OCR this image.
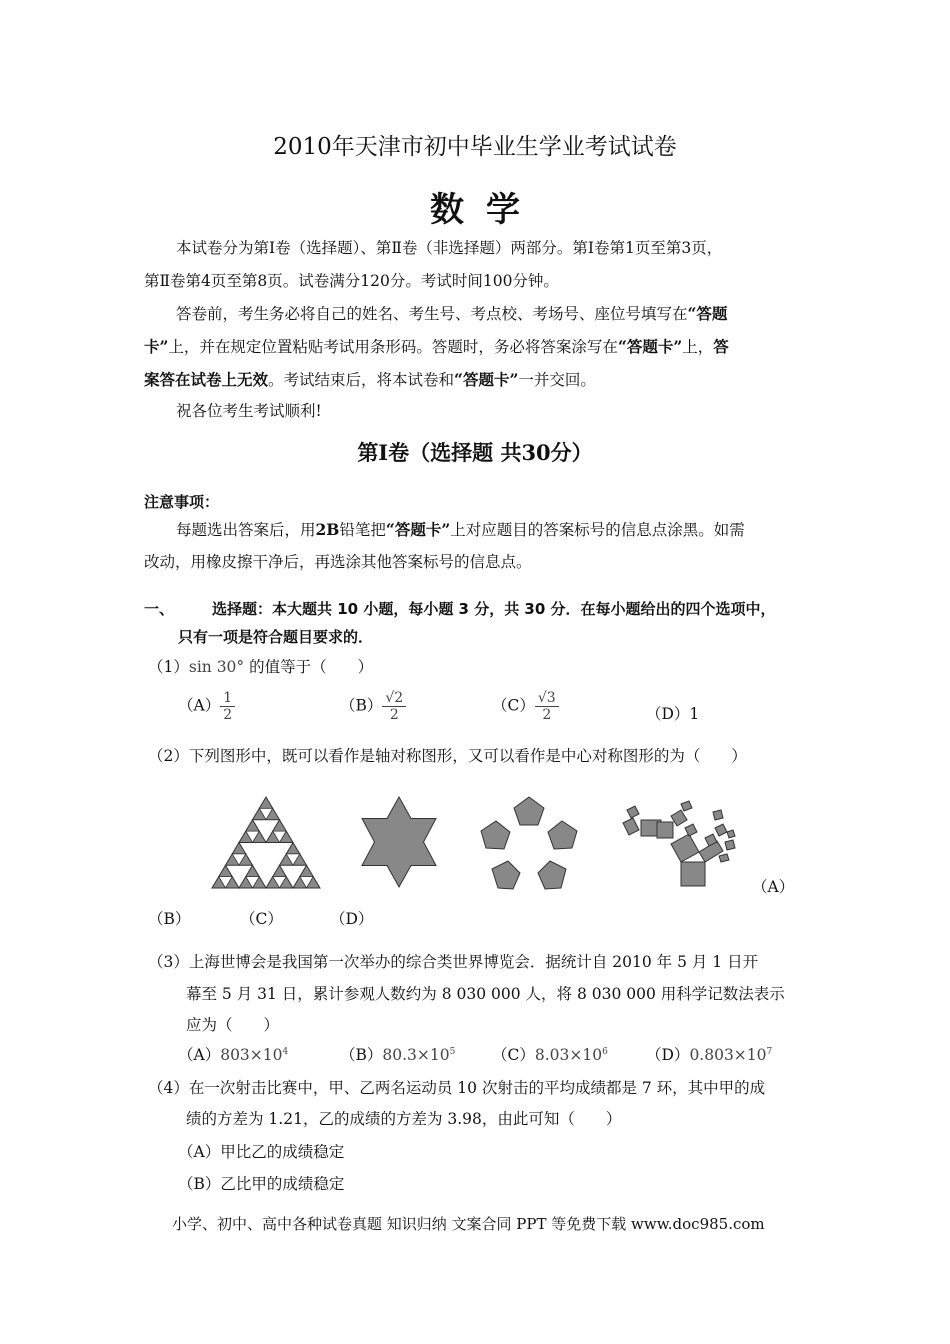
2010年天津市初中毕业生学业考试试卷
数学
本试卷分为第Ⅰ卷（选择题）、第Ⅱ卷（非选择题）两部分。第Ⅰ卷第1页至第3页，
第Ⅱ卷第4页至第8页。试卷满分120分。考试时间100分钟。
答卷前，考生务必将自己的姓名、考生号、考点校、考场号、座位号填写在“答题
卡”上，并在规定位置粘贴考试用条形码。答题时，务必将答案涂写在“答题卡”上，答
案答在试卷上无效。考试结束后，将本试卷和“答题卡”一并交回。
祝各位考生考试顺利!
第Ⅰ卷（选择题 共30分）
注意事项：
每题选出答案后，用2B铅笔把“答题卡”上对应题目的答案标号的信息点涂黑。如需
改动，用橡皮擦干净后，再选涂其他答案标号的信息点。
一、	选择题：本大题共 10 小题，每小题 3 分，共 30 分．在每小题给出的四个选项中，
只有一项是符合题目要求的．
（1）sin 30° 的值等于（　　）
$(A) \frac{1}{2}$	$(B) \frac{√2}{2}$	$(C) \frac{√3}{2}$	（D）1
（2）下列图形中，既可以看作是轴对称图形，又可以看作是中心对称图形的为（　　）
（A）
（B）	（C）	（D）
（3）上海世博会是我国第一次举办的综合类世界博览会．据统计自 2010 年 5 月 1 日开
幕至 5 月 31 日，累计参观人数约为 8 030 000 人，将 8 030 000 用科学记数法表示
应为（　　）
$(A)803\times 10^4$	$(B)80.3\times 10^5$ $(C)8.03\times 10^6$ $(D)0.803\times 10^7$
（4）在一次射击比赛中，甲、乙两名运动员 10 次射击的平均成绩都是 7 环，其中甲的成
绩的方差为 1.21，乙的成绩的方差为 3.98，由此可知（　　）
（A）甲比乙的成绩稳定
（B）乙比甲的成绩稳定
小学、初中、高中各种试卷真题 知识归纳 文案合同 PPT 等免费下载 www.doc985.com
